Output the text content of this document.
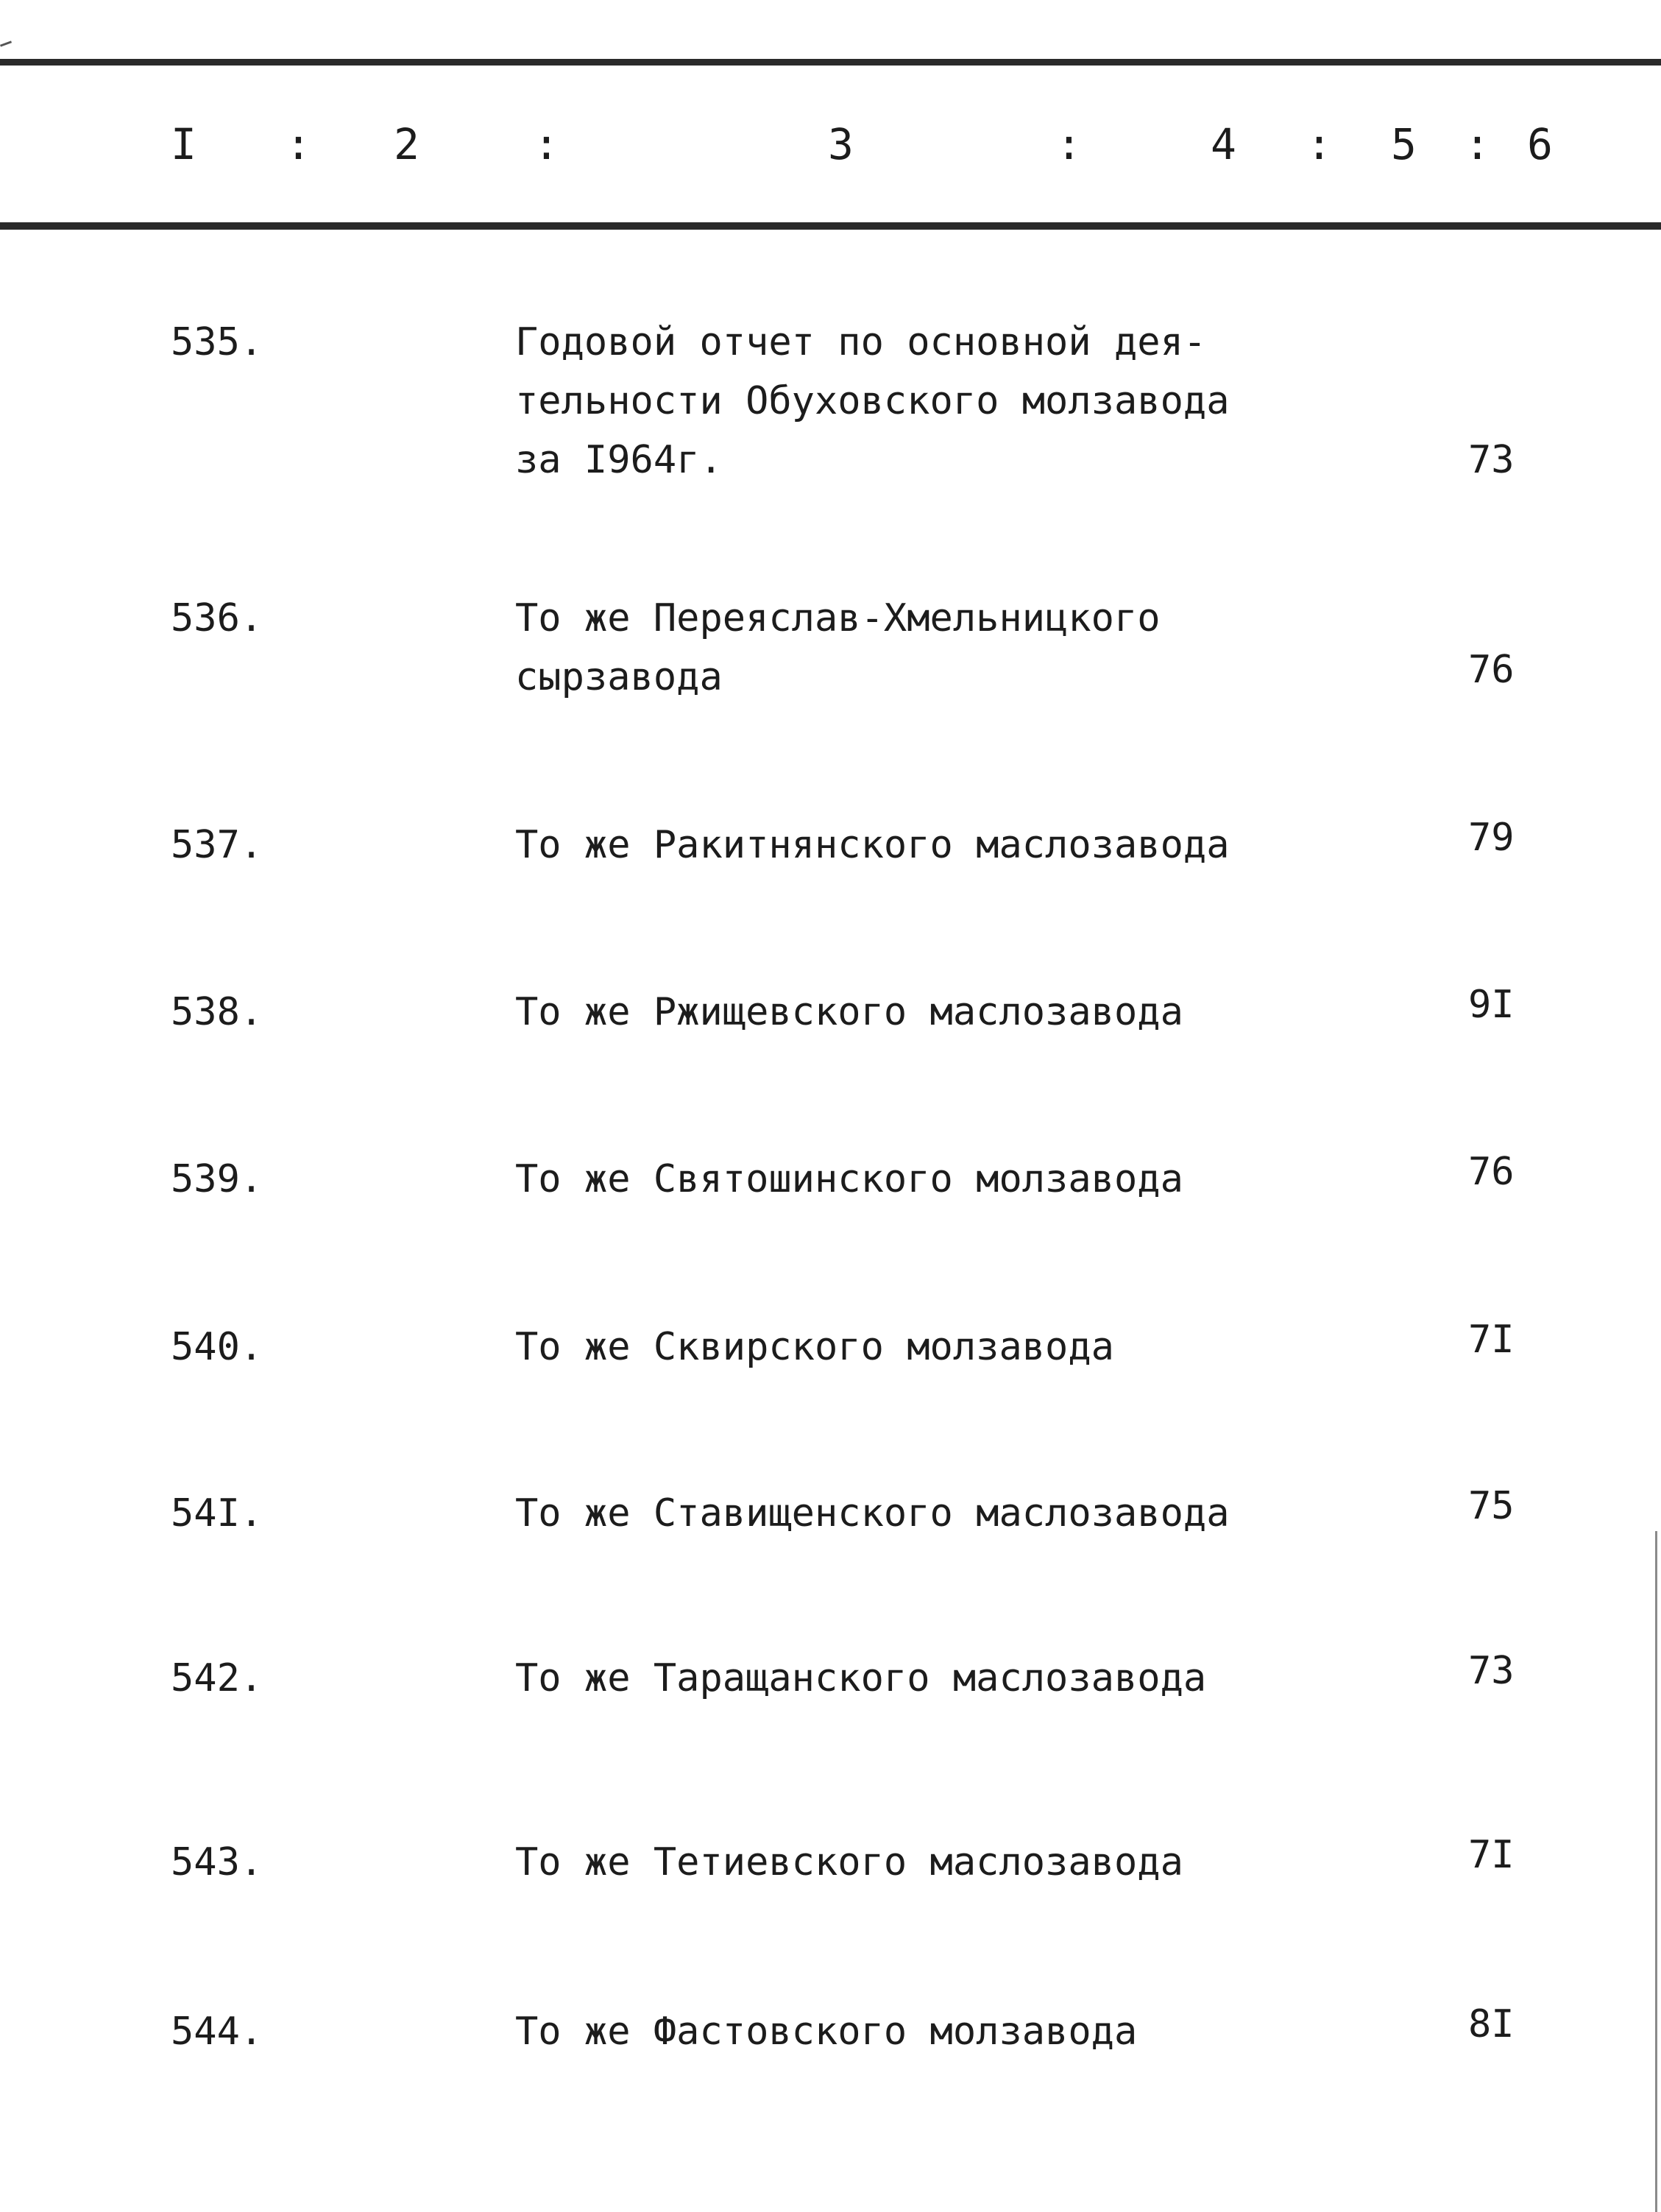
I : 2	:	3	:	4 : 5 : 6
535.	Годовой отчет по основной дея-
тельности Обуховского молзавода
за I964г.	73
536.	То же Переяслав-Хмельницкого
сырзавода	76
537.	То же Ракитнянского маслозавода	79
538.	То же Ржищевского маслозавода	9I
539.	То же Святошинского молзавода	76
540.	То же Сквирского молзавода	7I
54I.	То же Ставищенского маслозавода	75
542.	То же Таращанского маслозавода	73
543.	То же Тетиевского маслозавода	7I
544.	То же Фастовского молзавода	8I
